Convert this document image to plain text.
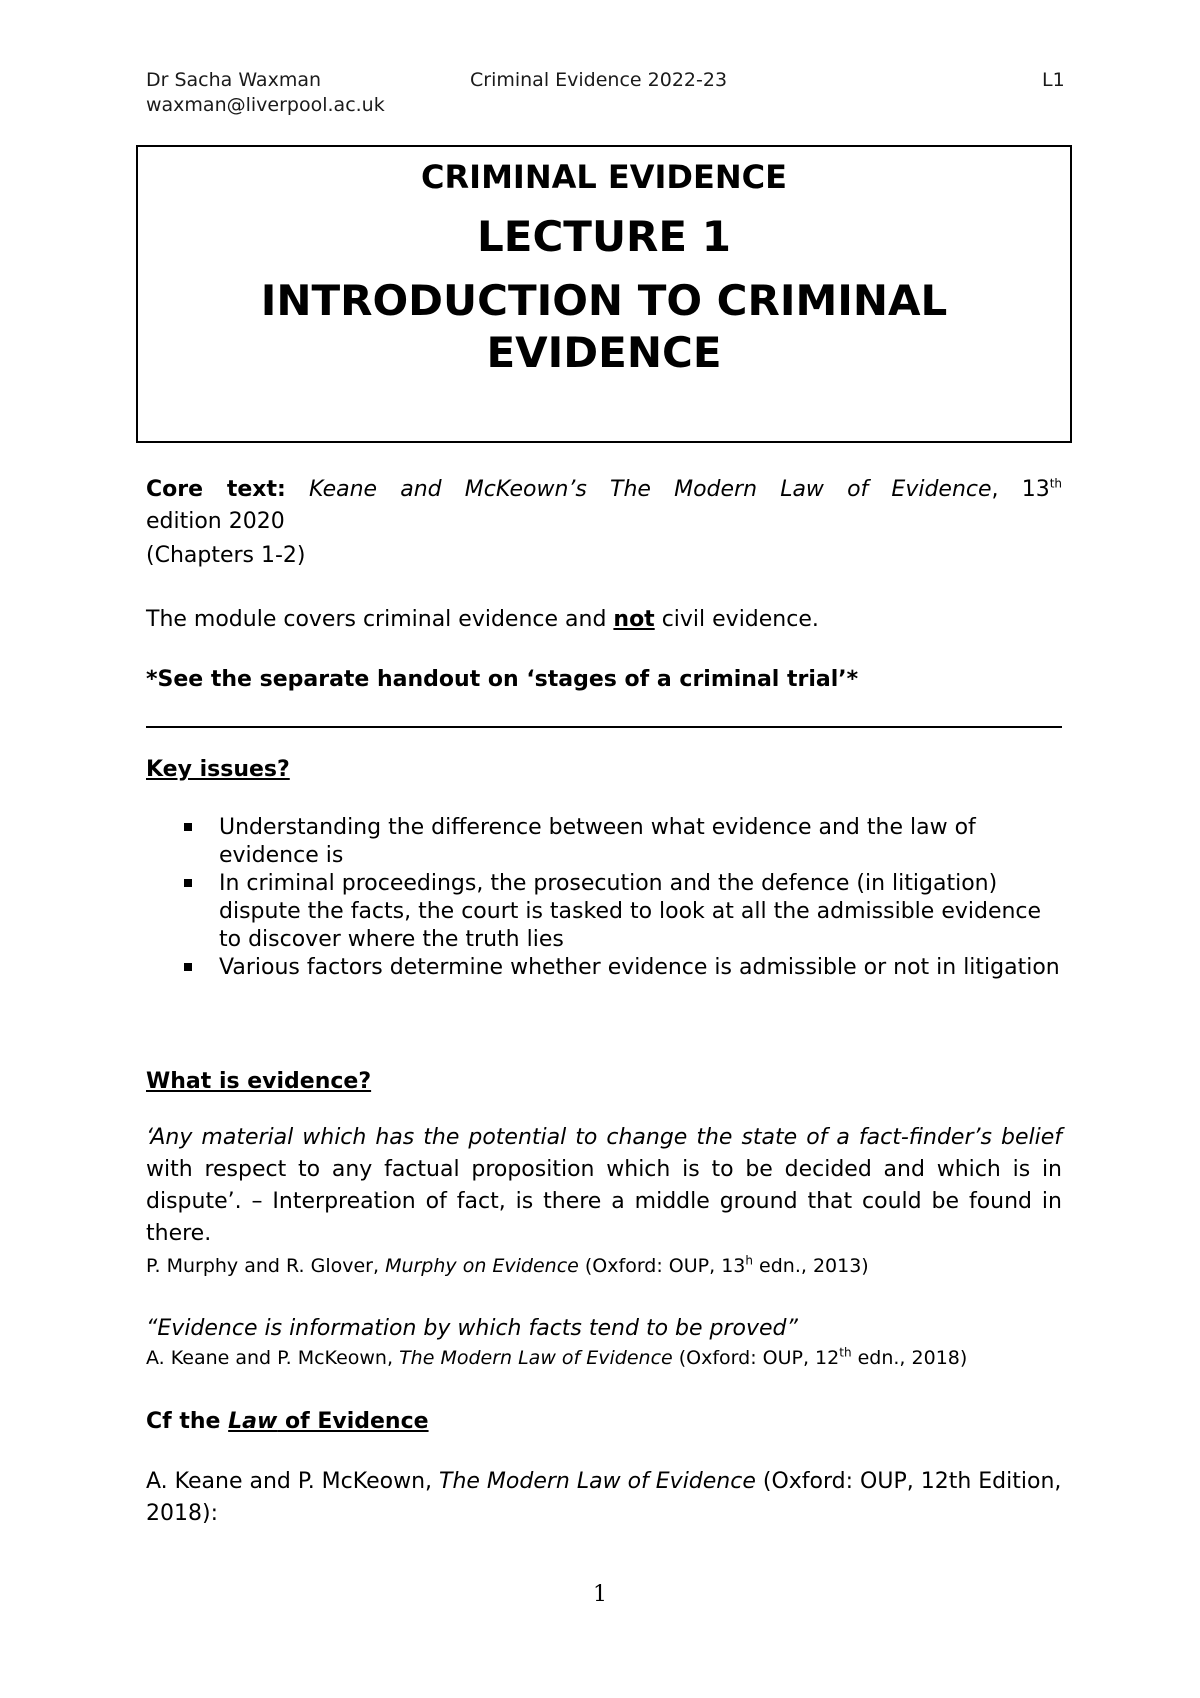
Dr Sacha Waxman	Criminal Evidence 2022-23	L1
waxman@liverpool.ac.uk
CRIMINAL EVIDENCE
LECTURE 1
INTRODUCTION TO CRIMINAL EVIDENCE
Core text: Keane and McKeown’s The Modern Law of Evidence, 13th
edition 2020
(Chapters 1-2)
The module covers criminal evidence and not civil evidence.
*See the separate handout on ‘stages of a criminal trial’*
Key issues?
Understanding the difference between what evidence and the law of evidence is
In criminal proceedings, the prosecution and the defence (in litigation) dispute the facts, the court is tasked to look at all the admissible evidence to discover where the truth lies
Various factors determine whether evidence is admissible or not in litigation
What is evidence?
‘Any material which has the potential to change the state of a fact-finder’s belief with respect to any factual proposition which is to be decided and which is in dispute’. – Interpreation of fact, is there a middle ground that could be found in there.
P. Murphy and R. Glover, Murphy on Evidence (Oxford: OUP, 13$^h$ edn., 2013)
“Evidence is information by which facts tend to be proved”
A. Keane and P. McKeown, The Modern Law of Evidence (Oxford: OUP, 12th edn., 2018)
Cf the Law of Evidence
A. Keane and P. McKeown, The Modern Law of Evidence (Oxford: OUP, 12th Edition, 2018):
1
